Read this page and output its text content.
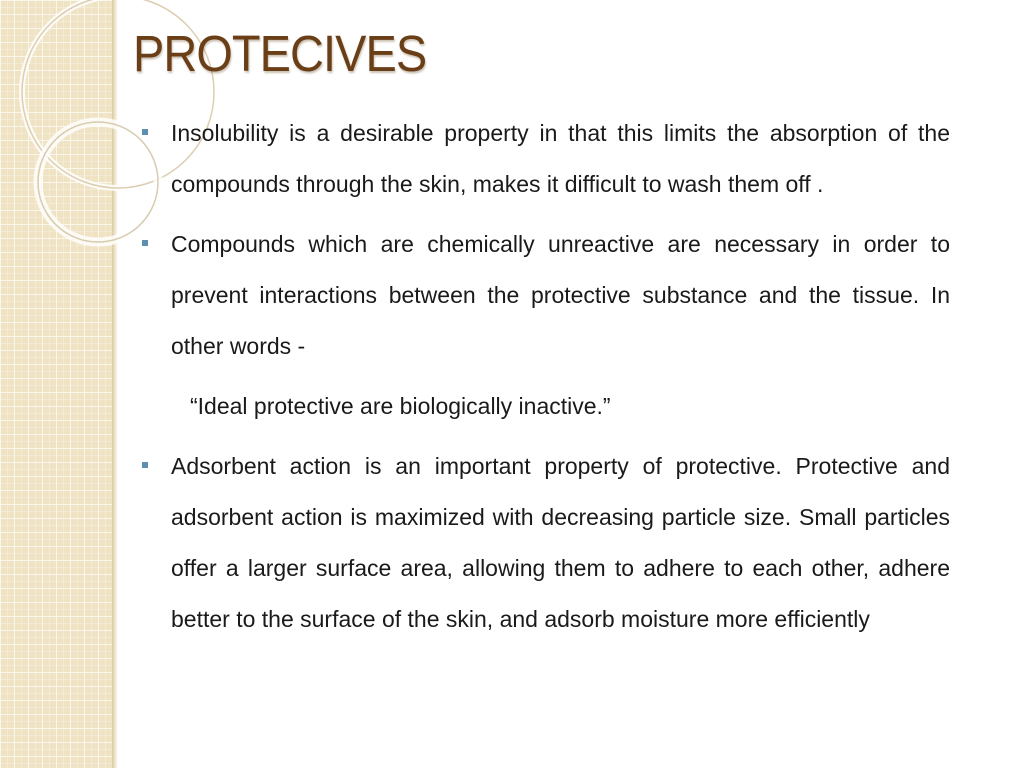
PROTECIVES

Insolubility is a desirable property in that this limits the absorption of the compounds through the skin, makes it difficult to wash them off .

Compounds which are chemically unreactive are necessary in order to prevent interactions between the protective substance and the tissue. In other words -

“Ideal protective are biologically inactive.”

Adsorbent action is an important property of protective. Protective and adsorbent action is maximized with decreasing particle size. Small particles offer a larger surface area, allowing them to adhere to each other, adhere better to the surface of the skin, and adsorb moisture more efficiently
